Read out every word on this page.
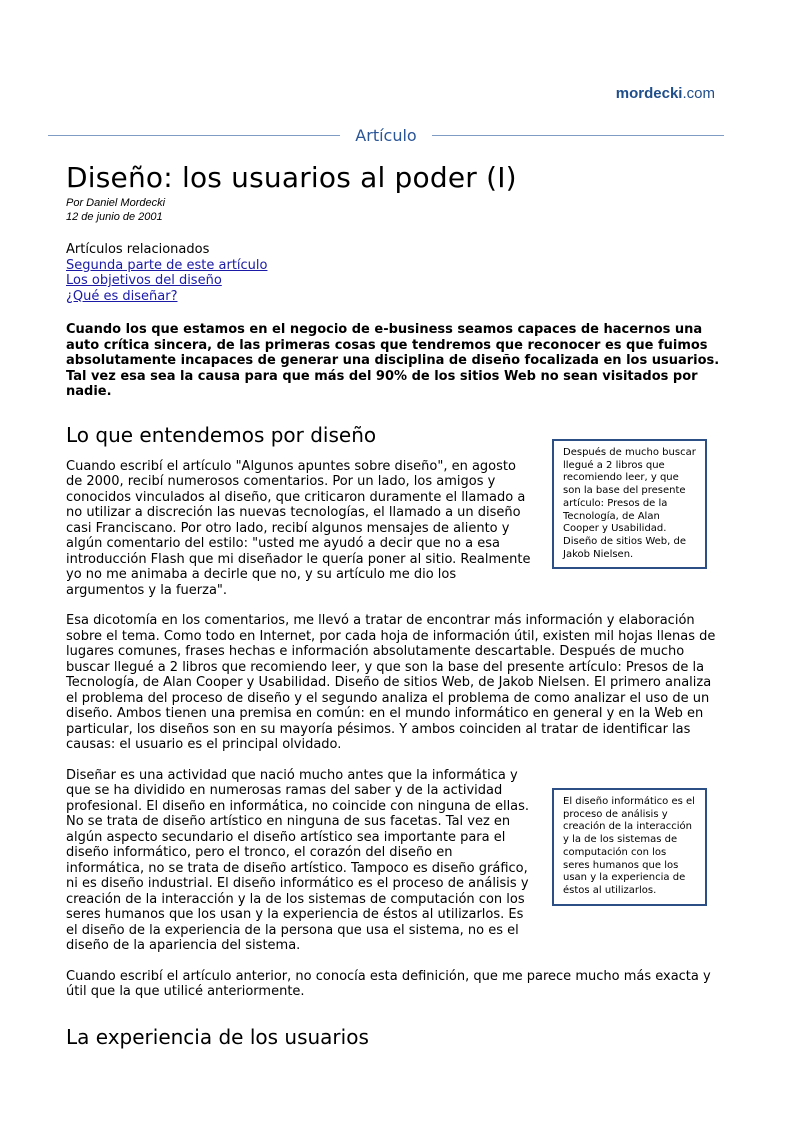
mordecki.com
Artículo
Diseño: los usuarios al poder (I)
Por Daniel Mordecki
12 de junio de 2001
Artículos relacionados
Segunda parte de este artículo
Los objetivos del diseño
¿Qué es diseñar?
Cuando los que estamos en el negocio de e-business seamos capaces de hacernos una auto crítica sincera, de las primeras cosas que tendremos que reconocer es que fuimos absolutamente incapaces de generar una disciplina de diseño focalizada en los usuarios. Tal vez esa sea la causa para que más del 90% de los sitios Web no sean visitados por nadie.
Lo que entendemos por diseño

Cuando escribí el artículo "Algunos apuntes sobre diseño", en agosto de 2000, recibí numerosos comentarios. Por un lado, los amigos y conocidos vinculados al diseño, que criticaron duramente el llamado a no utilizar a discreción las nuevas tecnologías, el llamado a un diseño casi Franciscano. Por otro lado, recibí algunos mensajes de aliento y algún comentario del estilo: "usted me ayudó a decir que no a esa introducción Flash que mi diseñador le quería poner al sitio. Realmente yo no me animaba a decirle que no, y su artículo me dio los argumentos y la fuerza".

Esa dicotomía en los comentarios, me llevó a tratar de encontrar más información y elaboración sobre el tema. Como todo en Internet, por cada hoja de información útil, existen mil hojas llenas de lugares comunes, frases hechas e información absolutamente descartable. Después de mucho buscar llegué a 2 libros que recomiendo leer, y que son la base del presente artículo: Presos de la Tecnología, de Alan Cooper y Usabilidad. Diseño de sitios Web, de Jakob Nielsen. El primero analiza el problema del proceso de diseño y el segundo analiza el problema de como analizar el uso de un diseño. Ambos tienen una premisa en común: en el mundo informático en general y en la Web en particular, los diseños son en su mayoría pésimos. Y ambos coinciden al tratar de identificar las causas: el usuario es el principal olvidado.

Diseñar es una actividad que nació mucho antes que la informática y que se ha dividido en numerosas ramas del saber y de la actividad profesional. El diseño en informática, no coincide con ninguna de ellas. No se trata de diseño artístico en ninguna de sus facetas. Tal vez en algún aspecto secundario el diseño artístico sea importante para el diseño informático, pero el tronco, el corazón del diseño en informática, no se trata de diseño artístico. Tampoco es diseño gráfico, ni es diseño industrial. El diseño informático es el proceso de análisis y creación de la interacción y la de los sistemas de computación con los seres humanos que los usan y la experiencia de éstos al utilizarlos. Es el diseño de la experiencia de la persona que usa el sistema, no es el diseño de la apariencia del sistema.

Cuando escribí el artículo anterior, no conocía esta definición, que me parece mucho más exacta y útil que la que utilicé anteriormente.

La experiencia de los usuarios
Después de mucho buscar llegué a 2 libros que recomiendo leer, y que son la base del presente artículo: Presos de la Tecnología, de Alan Cooper y Usabilidad. Diseño de sitios Web, de Jakob Nielsen.
El diseño informático es el proceso de análisis y creación de la interacción y la de los sistemas de computación con los seres humanos que los usan y la experiencia de éstos al utilizarlos.
